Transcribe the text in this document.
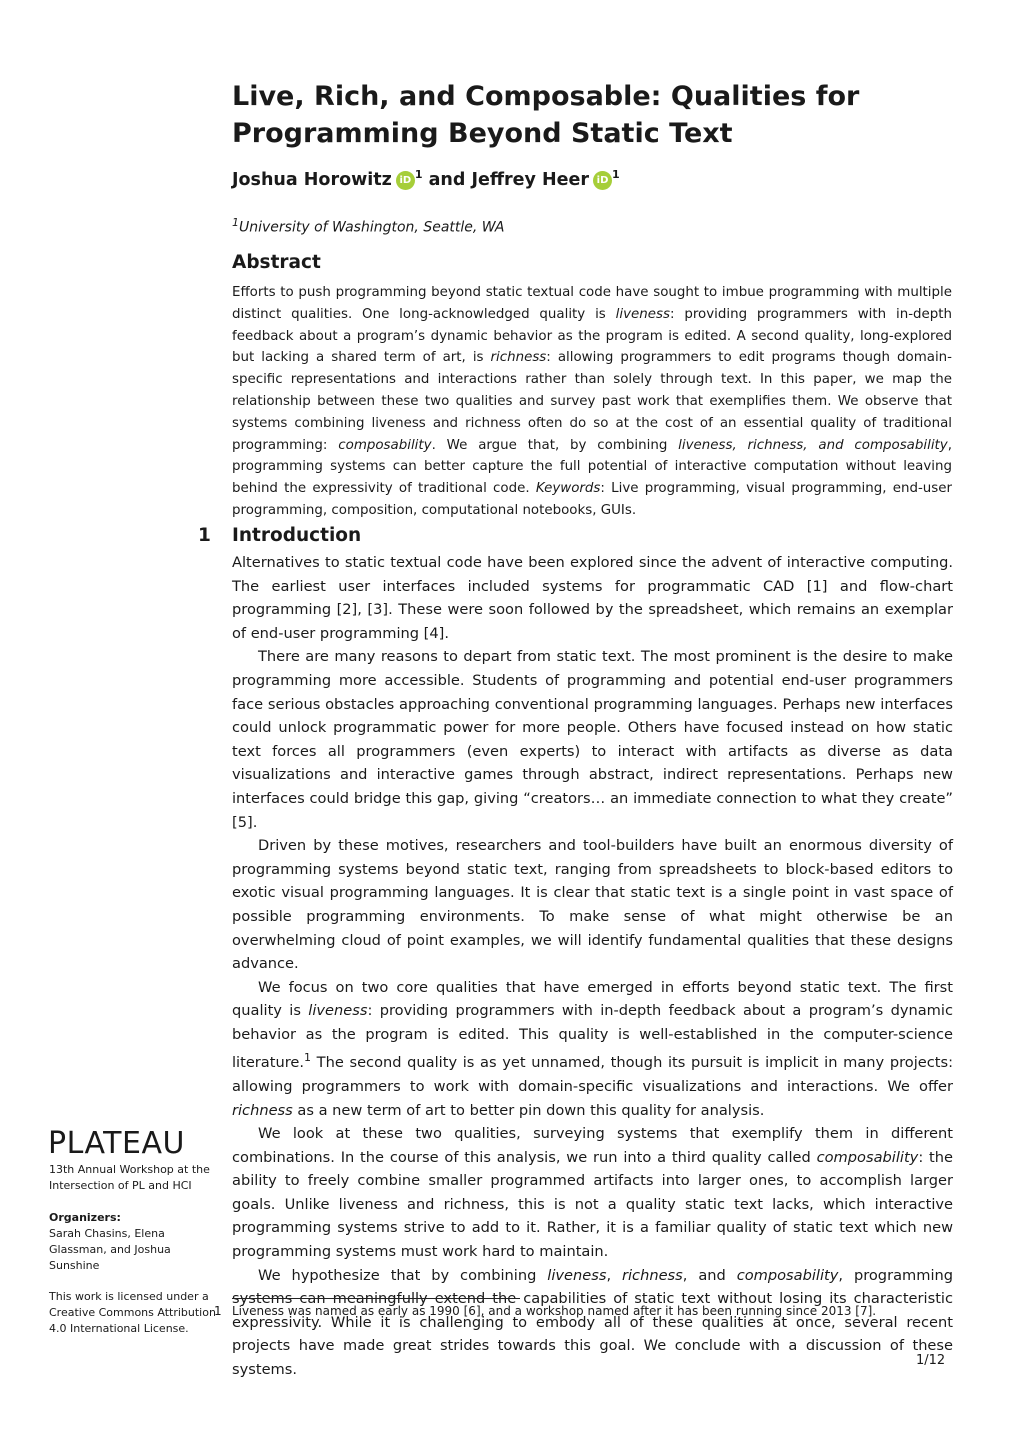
Live, Rich, and Composable: Qualities for Programming Beyond Static Text
Joshua Horowitz iD $^1$ and Jeffrey Heer iD $^1$
$^1$University of Washington, Seattle, WA
Abstract

Efforts to push programming beyond static textual code have sought to imbue programming with multiple distinct qualities. One long-acknowledged quality is liveness: providing programmers with in-depth feedback about a program’s dynamic behavior as the program is edited. A second quality, long-explored but lacking a shared term of art, is richness: allowing programmers to edit programs though domain-specific representations and interactions rather than solely through text. In this paper, we map the relationship between these two qualities and survey past work that exemplifies them. We observe that systems combining liveness and richness often do so at the cost of an essential quality of traditional programming: composability. We argue that, by combining liveness, richness, and composability, programming systems can better capture the full potential of interactive computation without leaving behind the expressivity of traditional code. Keywords: Live programming, visual programming, end-user programming, composition, computational notebooks, GUIs.

1 Introduction

Alternatives to static textual code have been explored since the advent of interactive computing. The earliest user interfaces included systems for programmatic CAD [1] and flow-chart programming [2], [3]. These were soon followed by the spreadsheet, which remains an exemplar of end-user programming [4].

There are many reasons to depart from static text. The most prominent is the desire to make programming more accessible. Students of programming and potential end-user programmers face serious obstacles approaching conventional programming languages. Perhaps new interfaces could unlock programmatic power for more people. Others have focused instead on how static text forces all programmers (even experts) to interact with artifacts as diverse as data visualizations and interactive games through abstract, indirect representations. Perhaps new interfaces could bridge this gap, giving “creators… an immediate connection to what they create” [5].

Driven by these motives, researchers and tool-builders have built an enormous diversity of programming systems beyond static text, ranging from spreadsheets to block-based editors to exotic visual programming languages. It is clear that static text is a single point in vast space of possible programming environments. To make sense of what might otherwise be an overwhelming cloud of point examples, we will identify fundamental qualities that these designs advance.

We focus on two core qualities that have emerged in efforts beyond static text. The first quality is liveness: providing programmers with in-depth feedback about a program’s dynamic behavior as the program is edited. This quality is well-established in the computer-science literature.$^1$ The second quality is as yet unnamed, though its pursuit is implicit in many projects: allowing programmers to work with domain-specific visualizations and interactions. We offer richness as a new term of art to better pin down this quality for analysis.

We look at these two qualities, surveying systems that exemplify them in different combinations. In the course of this analysis, we run into a third quality called composability: the ability to freely combine smaller programmed artifacts into larger ones, to accomplish larger goals. Unlike liveness and richness, this is not a quality static text lacks, which interactive programming systems strive to add to it. Rather, it is a familiar quality of static text which new programming systems must work hard to maintain.

We hypothesize that by combining liveness, richness, and composability, programming systems can meaningfully extend the capabilities of static text without losing its characteristic expressivity. While it is challenging to embody all of these qualities at once, several recent projects have made great strides towards this goal. We conclude with a discussion of these systems.

PLATEAU
13th Annual Workshop at the Intersection of PL and HCI
Organizers:
Sarah Chasins, Elena Glassman, and Joshua Sunshine
This work is licensed under a Creative Commons Attribution 4.0 International License.
1 Liveness was named as early as 1990 [6], and a workshop named after it has been running since 2013 [7].
1/12
